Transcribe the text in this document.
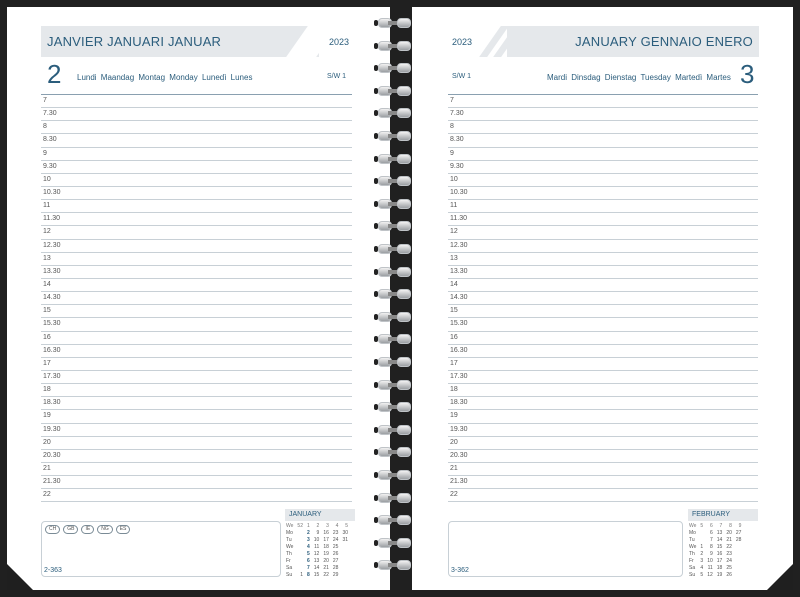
JANVIER JANUARI JANUAR	2023
2 Lundi Maandag Montag Monday Lunedì Lunes	S/W 1
7
7.30
8
8.30
9
9.30
10
10.30
11
11.30
12
12.30
13
13.30
14
14.30
15
15.30
16
16.30
17
17.30
18
18.30
19
19.30
20
20.30
21
21.30
22
CH	GB	IE	NG	ES
2-363
JANUARY
We	52	1	2	3	4	5
Mo		2	9	16	23	30
Tu		3	10	17	24	31
We		4	11	18	25	
Th		5	12	19	26	
Fr		6	13	20	27	
Sa		7	14	21	28	
Su	1	8	15	22	29	
JANUARY GENNAIO ENERO
2023
3
Mardi Dinsdag Dienstag Tuesday Martedì Martes
S/W 1
7
7.30
8
8.30
9
9.30
10
10.30
11
11.30
12
12.30
13
13.30
14
14.30
15
15.30
16
16.30
17
17.30
18
18.30
19
19.30
20
20.30
21
21.30
22
FEBRUARY
We	5	6	7	8	9
Mo		6	13	20	27
Tu		7	14	21	28
We	1	8	15	22	
Th	2	9	16	23	
Fr	3	10	17	24	
Sa	4	11	18	25	
Su	5	12	19	26	
3-362
